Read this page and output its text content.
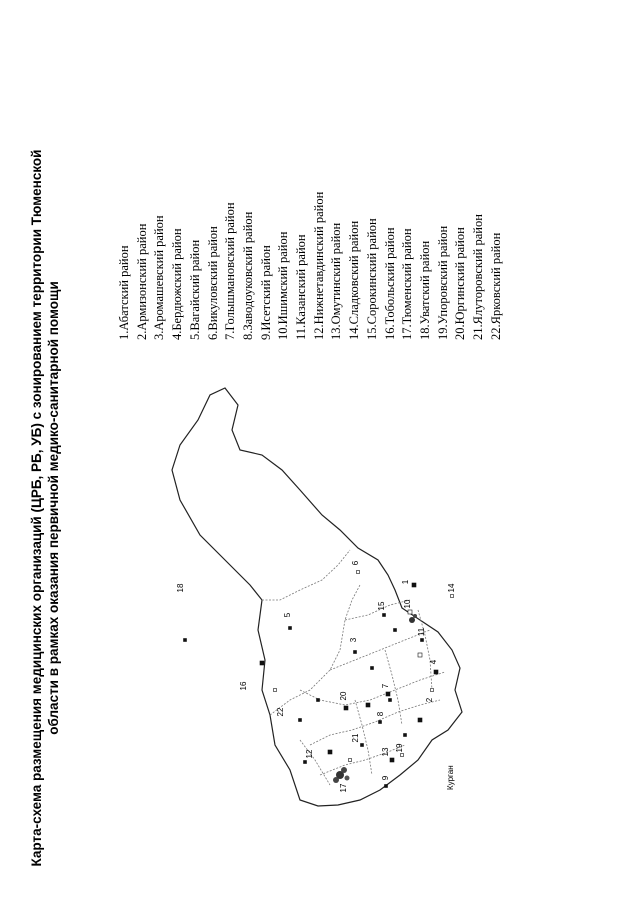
Карта-схема размещения медицинских организаций (ЦРБ, РБ, УБ) с зонированием территории Тюменской области в рамках оказания первичной медико-санитарной помощи	1.Абатский район 2.Армизонский район 3.Аромашевский район 4.Бердюжский район 5.Вагайский район 6.Викуловский район 7.Голышмановский район 8.Заводоуковский район 9.Исетский район 10.Ишимский район 11.Казанский район 12.Нижнетавдинский район 13.Омутинский район 14.Сладковский район 15.Сорокинский район 16.Тобольский район 17.Тюменский район 18.Уватский район 19.Упоровский район 20.Юргинский район 21.Ялуторовский район 22.Ярковский район
1
2
3
4
5
6
7
8
9
10
11
12	13
14
15
16
17
18
19
20
21
22
Курган
